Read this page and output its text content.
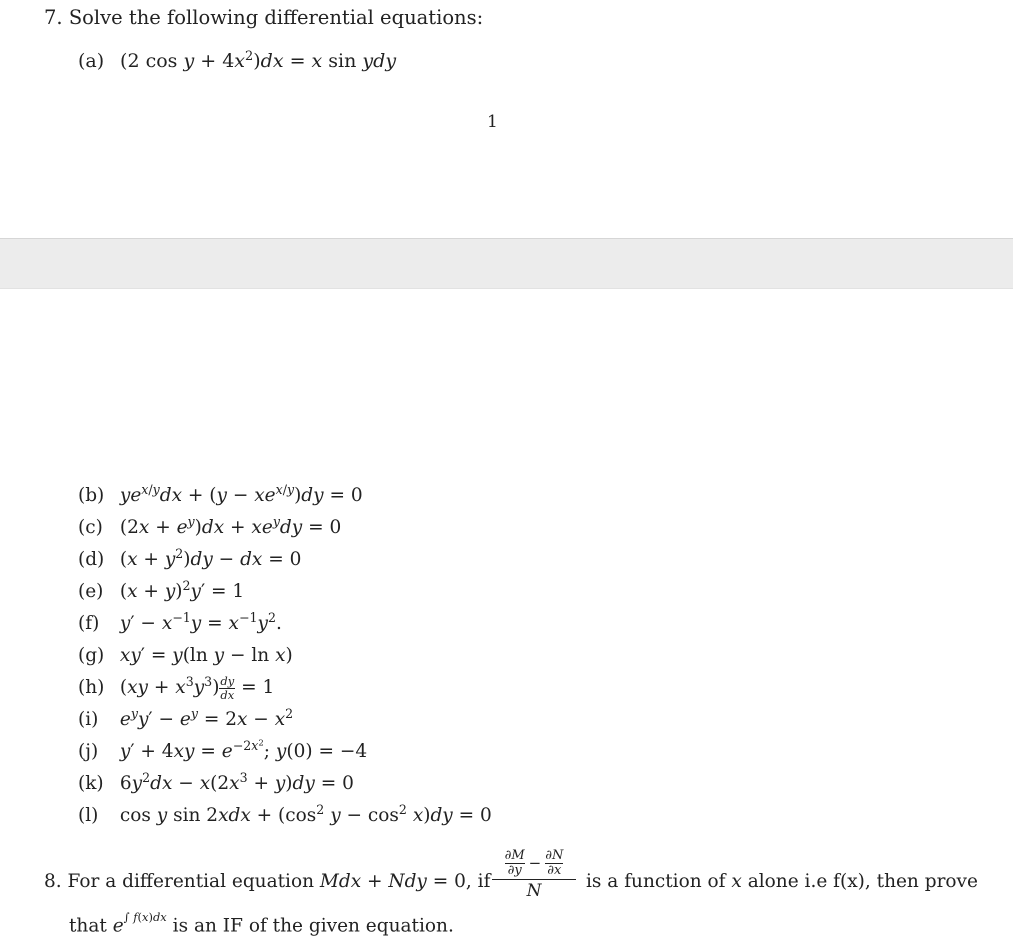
7. Solve the following differential equations:
(a) (2 $\cos y + 4x^2)dx = x$ sin ydy
1
(b) $ye^{x/y}dx + (y - xe^{x/y})dy = 0$
(c) $(2x + e^y)dx + xe^ydy = 0$
(d) $(x + y^2)dy$ − dx = 0
(e) $(x + y)^2y' = 1$
(f) $y' - x^{-1}y = x^{-1}y^2$.
(g) xy′ = y(ln y − ln x)
(h) $(xy + x^3y^3) \frac{dy}{dx} = 1$
(i) $e^yy' - e^y = 2x - x^2$
(j) $y' + 4xy = e^{-2x^2}$; y(0) = −4
(k) $6y^2dx - x(2x^3 + y)dy = 0$
(l) cos y $\sin 2xdx + (\cos^2$ $y - \cos^2 x)dy = 0$
8. For a differential equation Mdx + Ndy = 0, if
∂M
$\partial y - \frac{\partial N}{\partial x}$
N	is a function of x alone i.e f(x), then prove
that $e^{\int f(x)dx}$ is an IF of the given equation.
